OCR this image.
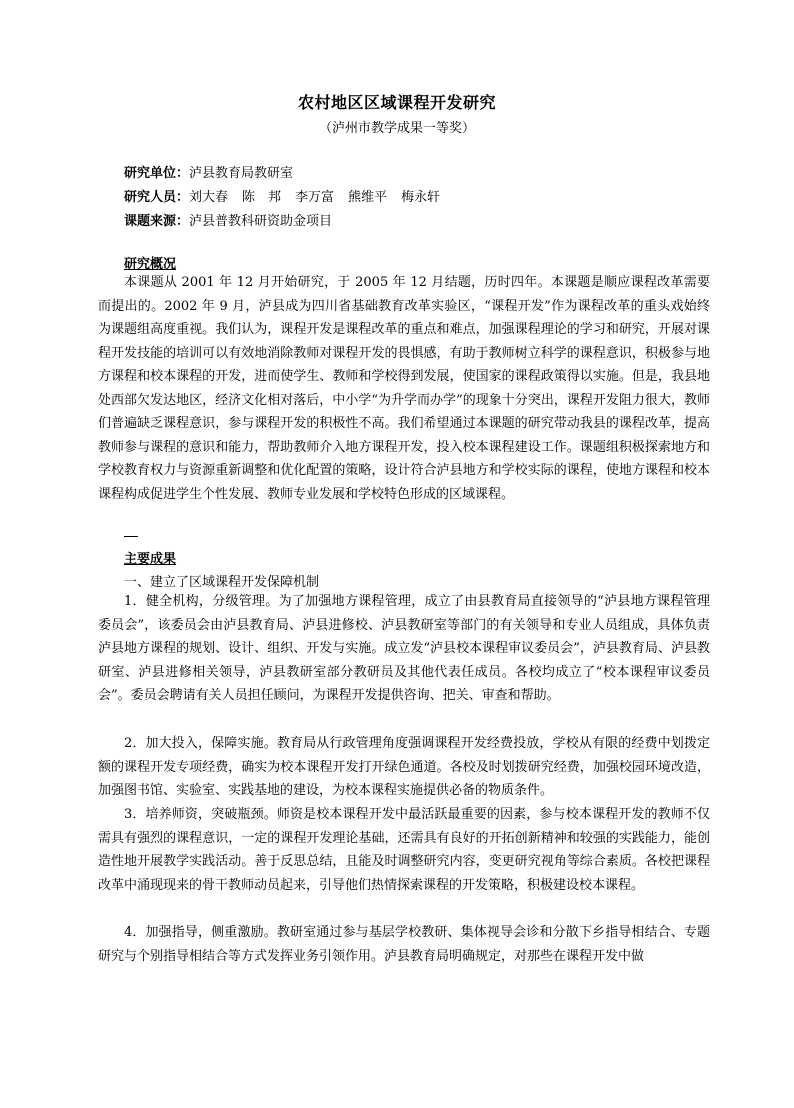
农村地区区域课程开发研究
（泸州市教学成果一等奖）
研究单位：泸县教育局教研室
研究人员：刘大春 陈　邦 李万富 熊维平 梅永轩
课题来源：泸县普教科研资助金项目
研究概况
本课题从 2001 年 12 月开始研究，于 2005 年 12 月结题，历时四年。本课题是顺应课程改革需要而提出的。2002 年 9 月，泸县成为四川省基础教育改革实验区，“课程开发”作为课程改革的重头戏始终为课题组高度重视。我们认为，课程开发是课程改革的重点和难点，加强课程理论的学习和研究，开展对课程开发技能的培训可以有效地消除教师对课程开发的畏惧感，有助于教师树立科学的课程意识，积极参与地方课程和校本课程的开发，进而使学生、教师和学校得到发展，使国家的课程政策得以实施。但是，我县地处西部欠发达地区，经济文化相对落后，中小学“为升学而办学”的现象十分突出，课程开发阻力很大，教师们普遍缺乏课程意识，参与课程开发的积极性不高。我们希望通过本课题的研究带动我县的课程改革，提高教师参与课程的意识和能力，帮助教师介入地方课程开发，投入校本课程建设工作。课题组积极探索地方和学校教育权力与资源重新调整和优化配置的策略，设计符合泸县地方和学校实际的课程，使地方课程和校本课程构成促进学生个性发展、教师专业发展和学校特色形成的区域课程。
主要成果
一、建立了区域课程开发保障机制
1．健全机构，分级管理。为了加强地方课程管理，成立了由县教育局直接领导的“泸县地方课程管理委员会”，该委员会由泸县教育局、泸县进修校、泸县教研室等部门的有关领导和专业人员组成，具体负责泸县地方课程的规划、设计、组织、开发与实施。成立发“泸县校本课程审议委员会”，泸县教育局、泸县教研室、泸县进修相关领导，泸县教研室部分教研员及其他代表任成员。各校均成立了“校本课程审议委员会”。委员会聘请有关人员担任顾问，为课程开发提供咨询、把关、审查和帮助。
2．加大投入，保障实施。教育局从行政管理角度强调课程开发经费投放，学校从有限的经费中划拨定额的课程开发专项经费，确实为校本课程开发打开绿色通道。各校及时划拨研究经费，加强校园环境改造，加强图书馆、实验室、实践基地的建设，为校本课程实施提供必备的物质条件。
3．培养师资，突破瓶颈。师资是校本课程开发中最活跃最重要的因素，参与校本课程开发的教师不仅需具有强烈的课程意识，一定的课程开发理论基础，还需具有良好的开拓创新精神和较强的实践能力，能创造性地开展教学实践活动。善于反思总结，且能及时调整研究内容，变更研究视角等综合素质。各校把课程改革中涌现现来的骨干教师动员起来，引导他们热情探索课程的开发策略，积极建设校本课程。
4．加强指导，侧重激励。教研室通过参与基层学校教研、集体视导会诊和分散下乡指导相结合、专题研究与个别指导相结合等方式发挥业务引领作用。泸县教育局明确规定，对那些在课程开发中做
